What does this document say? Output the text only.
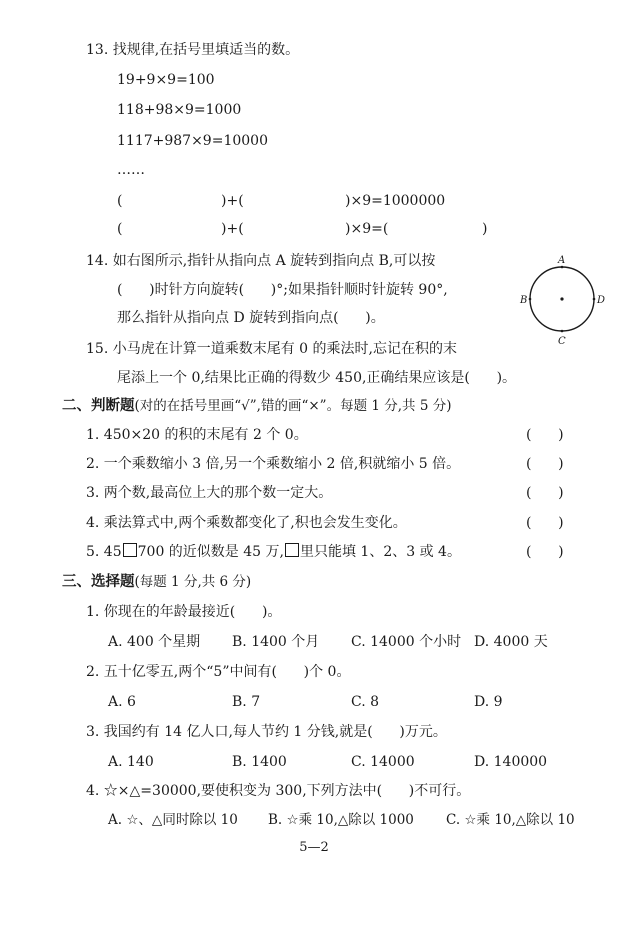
13. 找规律,在括号里填适当的数。
19+9×9=100
118+98×9=1000
1117+987×9=10000
……
(	)+(	)×9=1000000
(	)+(	)×9=(	)
14. 如右图所示,指针从指向点 A 旋转到指向点 B,可以按
(      )时针方向旋转(      )°;如果指针顺时针旋转 90°,
那么指针从指向点 D 旋转到指向点(      )。
A
B	D
C
15. 小马虎在计算一道乘数末尾有 0 的乘法时,忘记在积的末
尾添上一个 0,结果比正确的得数少 450,正确结果应该是(      )。
二、判断题(对的在括号里画“√”,错的画“×”。每题 1 分,共 5 分)
1. 450×20 的积的末尾有 2 个 0。	(      )
2. 一个乘数缩小 3 倍,另一个乘数缩小 2 倍,积就缩小 5 倍。	(      )
3. 两个数,最高位上大的那个数一定大。	(      )
4. 乘法算式中,两个乘数都变化了,积也会发生变化。	(      )
5. 45 700 的近似数是 45 万, 里只能填 1、2、3 或 4。	(      )
三、选择题(每题 1 分,共 6 分)
1. 你现在的年龄最接近(      )。
A. 400 个星期 B. 1400 个月 C. 14000 个小时 D. 4000 天
2. 五十亿零五,两个“5”中间有(      )个 0。
A. 6	B. 7	C. 8	D. 9
3. 我国约有 14 亿人口,每人节约 1 分钱,就是(      )万元。
A. 140	B. 1400	C. 14000	D. 140000
4. ☆×△=30000,要使积变为 300,下列方法中(      )不可行。
A. ☆、△同时除以 10 B. ☆乘 10,△除以 1000 C. ☆乘 10,△除以 10
5—2
